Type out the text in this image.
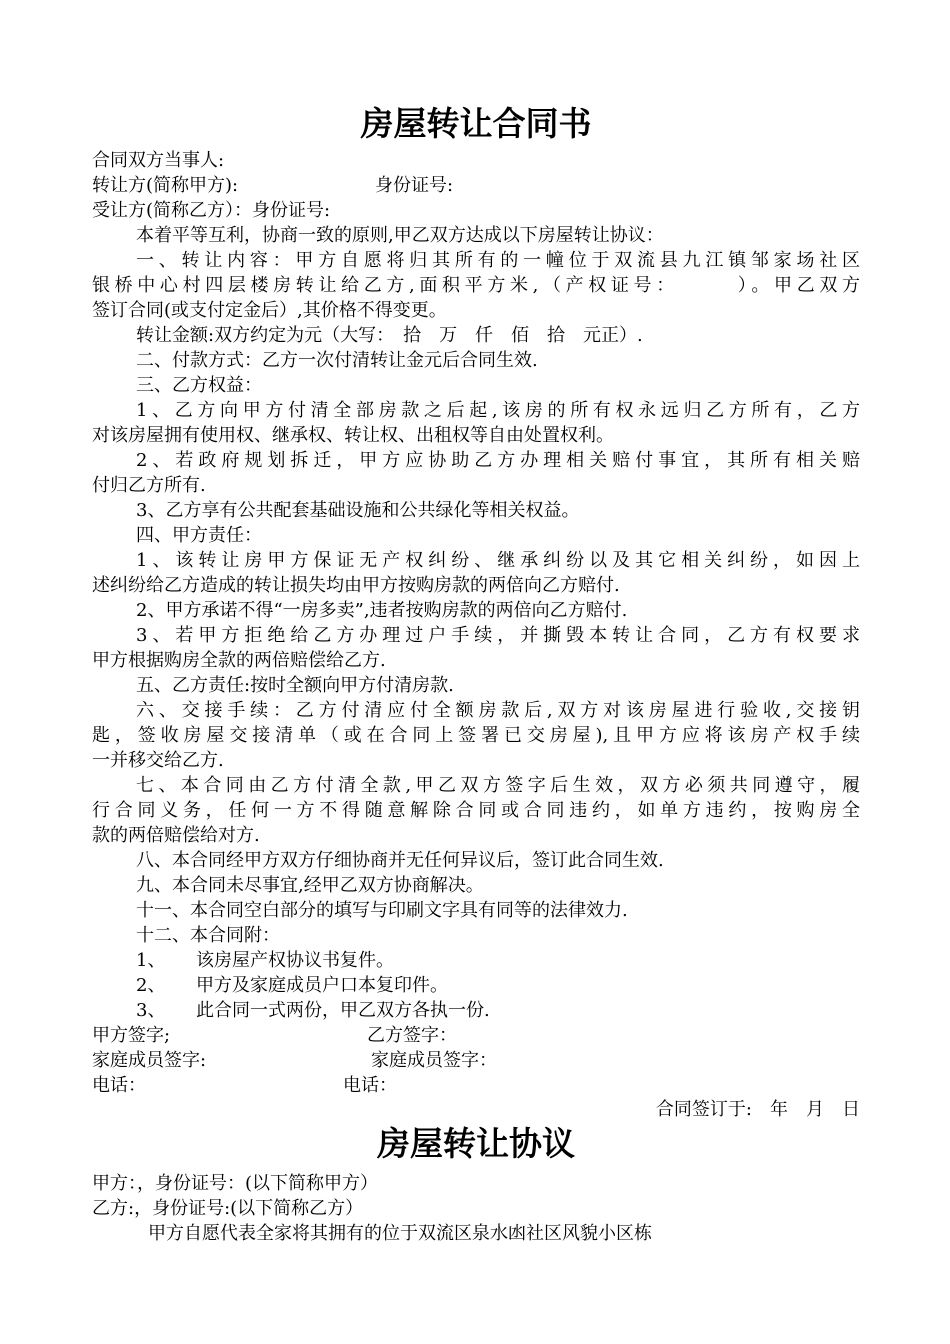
房屋转让合同书
合同双方当事人:
转让方(简称甲方):	身份证号:
受让方(简称乙方）：身份证号:
本着平等互利，协商一致的原则,甲乙双方达成以下房屋转让协议：
一、转让内容：甲方自愿将归其所有的一幢位于双流县九江镇邹家场社区
银桥中心村四层楼房转让给乙方,面积平方米,（产权证号：　　　）。甲乙双方
签订合同(或支付定金后）,其价格不得变更。
转让金额:双方约定为元（大写：　拾　万　仟　佰　拾　元正）.
二、付款方式：乙方一次付清转让金元后合同生效.
三、乙方权益：
1、乙方向甲方付清全部房款之后起,该房的所有权永远归乙方所有，乙方
对该房屋拥有使用权、继承权、转让权、出租权等自由处置权利。
2、若政府规划拆迁，甲方应协助乙方办理相关赔付事宜，其所有相关赔
付归乙方所有.
3、乙方享有公共配套基础设施和公共绿化等相关权益。
四、甲方责任：
1、该转让房甲方保证无产权纠纷、继承纠纷以及其它相关纠纷，如因上
述纠纷给乙方造成的转让损失均由甲方按购房款的两倍向乙方赔付.
2、甲方承诺不得“一房多卖”,违者按购房款的两倍向乙方赔付.
3、若甲方拒绝给乙方办理过户手续，并撕毁本转让合同，乙方有权要求
甲方根据购房全款的两倍赔偿给乙方.
五、乙方责任:按时全额向甲方付清房款.
六、交接手续：乙方付清应付全额房款后,双方对该房屋进行验收,交接钥
匙，签收房屋交接清单（或在合同上签署已交房屋),且甲方应将该房产权手续
一并移交给乙方.
七、本合同由乙方付清全款,甲乙双方签字后生效，双方必须共同遵守，履
行合同义务，任何一方不得随意解除合同或合同违约，如单方违约，按购房全
款的两倍赔偿给对方.
八、本合同经甲方双方仔细协商并无任何异议后，签订此合同生效.
九、本合同未尽事宜,经甲乙双方协商解决。
十一、本合同空白部分的填写与印刷文字具有同等的法律效力.
十二、本合同附：
1、 该房屋产权协议书复件。
2、 甲方及家庭成员户口本复印件。
3、 此合同一式两份，甲乙双方各执一份.
甲方签字;	乙方签字：
家庭成员签字:	家庭成员签字：
电话：	电话：
合同签订于:　年　月　日
房屋转让协议
甲方：，身份证号：(以下简称甲方）
乙方:，身份证号:(以下简称乙方）
甲方自愿代表全家将其拥有的位于双流区泉水凼社区风貌小区栋
